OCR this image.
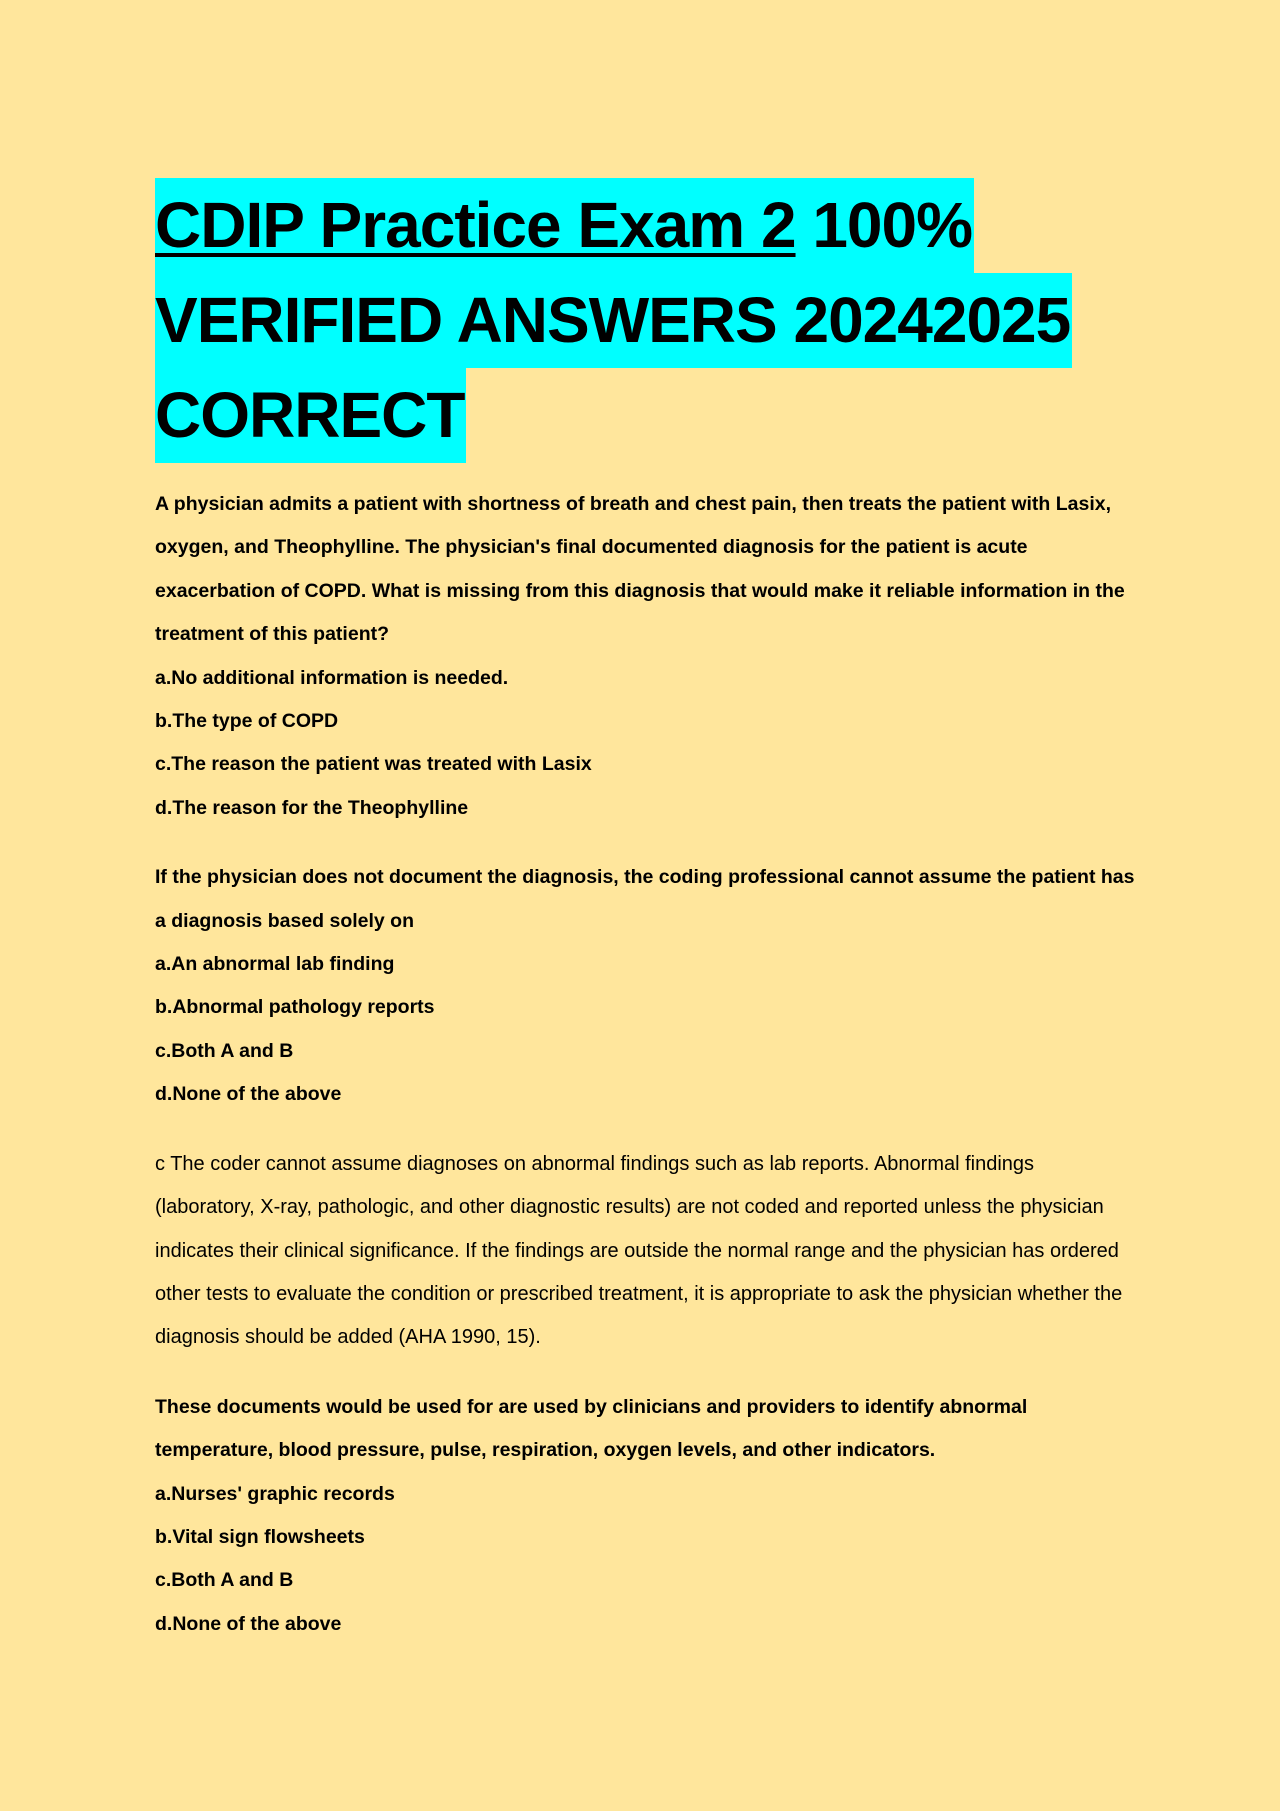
CDIP Practice Exam 2 100%
VERIFIED ANSWERS 20242025
CORRECT

A physician admits a patient with shortness of breath and chest pain, then treats the patient with Lasix, oxygen, and Theophylline. The physician's final documented diagnosis for the patient is acute exacerbation of COPD. What is missing from this diagnosis that would make it reliable information in the treatment of this patient?

a.No additional information is needed.
b.The type of COPD
c.The reason the patient was treated with Lasix
d.The reason for the Theophylline

If the physician does not document the diagnosis, the coding professional cannot assume the patient has a diagnosis based solely on

a.An abnormal lab finding
b.Abnormal pathology reports
c.Both A and B
d.None of the above

c The coder cannot assume diagnoses on abnormal findings such as lab reports. Abnormal findings (laboratory, X-ray, pathologic, and other diagnostic results) are not coded and reported unless the physician indicates their clinical significance. If the findings are outside the normal range and the physician has ordered other tests to evaluate the condition or prescribed treatment, it is appropriate to ask the physician whether the diagnosis should be added (AHA 1990, 15).

These documents would be used for are used by clinicians and providers to identify abnormal temperature, blood pressure, pulse, respiration, oxygen levels, and other indicators.

a.Nurses' graphic records
b.Vital sign flowsheets
c.Both A and B
d.None of the above
